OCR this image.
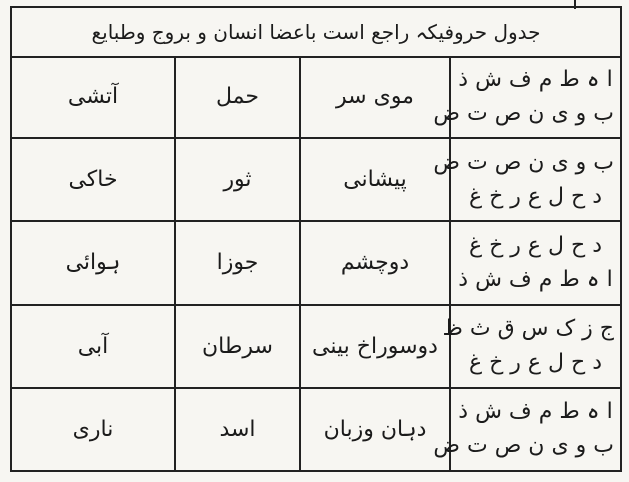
جدول حروفیکہ راجع است باعضا انسان و بروج وطبایع
ا ہ ط م ف ش ذ
ب و ی ن ص ت ض	موی سر	حمل	آتشی

ب و ی ن ص ت ض
د ح ل ع ر خ غ	پیشانی	ثور	خاکی

د ح ل ع ر خ غ
ا ہ ط م ف ش ذ	دوچشم	جوزا	ہوائی

ج ز ک س ق ث ظ
د ح ل ع ر خ غ	دوسوراخ بینی	سرطان	آبی

ا ہ ط م ف ش ذ
ب و ی ن ص ت ض	دہان وزبان	اسد	ناری
